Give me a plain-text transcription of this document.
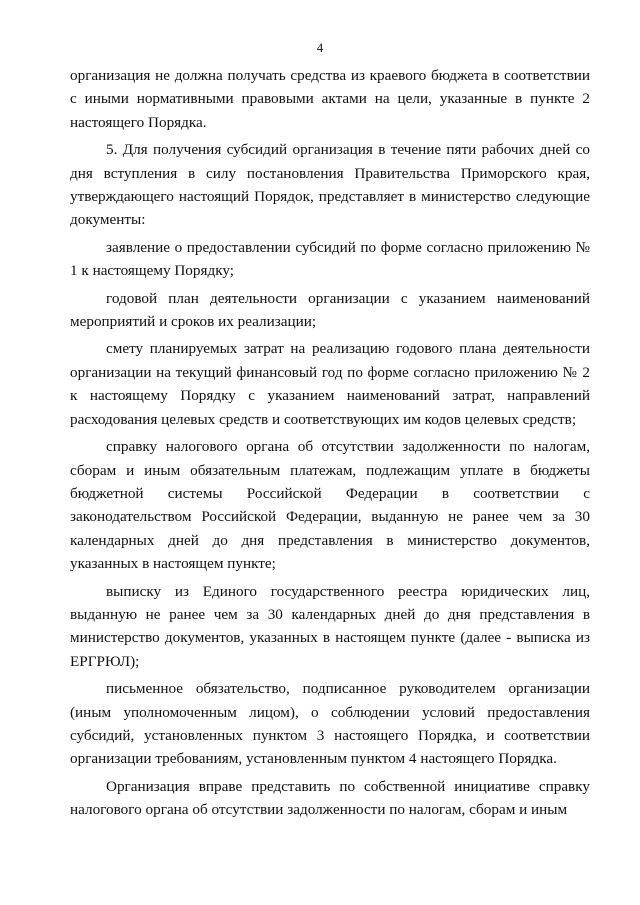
4

организация не должна получать средства из краевого бюджета в соответствии с иными нормативными правовыми актами на цели, указанные в пункте 2 настоящего Порядка.

5. Для получения субсидий организация в течение пяти рабочих дней со дня вступления в силу постановления Правительства Приморского края, утверждающего настоящий Порядок, представляет в министерство следующие документы:

заявление о предоставлении субсидий по форме согласно приложению № 1 к настоящему Порядку;

годовой план деятельности организации с указанием наименований мероприятий и сроков их реализации;

смету планируемых затрат на реализацию годового плана деятельности организации на текущий финансовый год по форме согласно приложению № 2 к настоящему Порядку с указанием наименований затрат, направлений расходования целевых средств и соответствующих им кодов целевых средств;

справку налогового органа об отсутствии задолженности по налогам, сборам и иным обязательным платежам, подлежащим уплате в бюджеты бюджетной системы Российской Федерации в соответствии с законодательством Российской Федерации, выданную не ранее чем за 30 календарных дней до дня представления в министерство документов, указанных в настоящем пункте;

выписку из Единого государственного реестра юридических лиц, выданную не ранее чем за 30 календарных дней до дня представления в министерство документов, указанных в настоящем пункте (далее - выписка из ЕРГРЮЛ);

письменное обязательство, подписанное руководителем организации (иным уполномоченным лицом), о соблюдении условий предоставления субсидий, установленных пунктом 3 настоящего Порядка, и соответствии организации требованиям, установленным пунктом 4 настоящего Порядка.

Организация вправе представить по собственной инициативе справку налогового органа об отсутствии задолженности по налогам, сборам и иным
